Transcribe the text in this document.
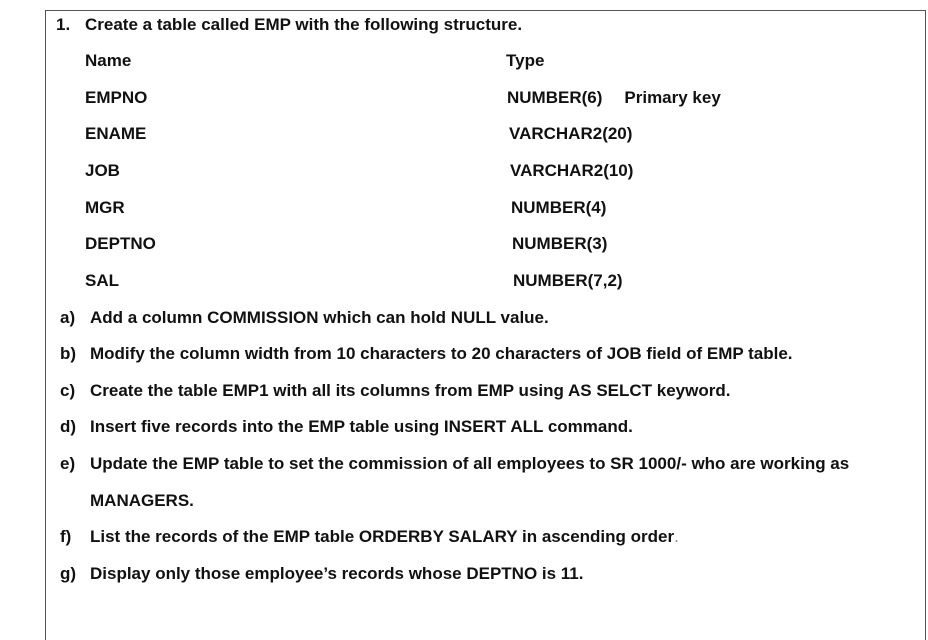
1. Create a table called EMP with the following structure.
Name	Type
EMPNO	NUMBER(6) Primary key
ENAME	VARCHAR2(20)
JOB	VARCHAR2(10)
MGR	NUMBER(4)
DEPTNO	NUMBER(3)
SAL	NUMBER(7,2)
a) Add a column COMMISSION which can hold NULL value.
b) Modify the column width from 10 characters to 20 characters of JOB field of EMP table.
c) Create the table EMP1 with all its columns from EMP using AS SELCT keyword.
d) Insert five records into the EMP table using INSERT ALL command.
e) Update the EMP table to set the commission of all employees to SR 1000/- who are working as
MANAGERS.
f) List the records of the EMP table ORDERBY SALARY in ascending order.
g) Display only those employee’s records whose DEPTNO is 11.
